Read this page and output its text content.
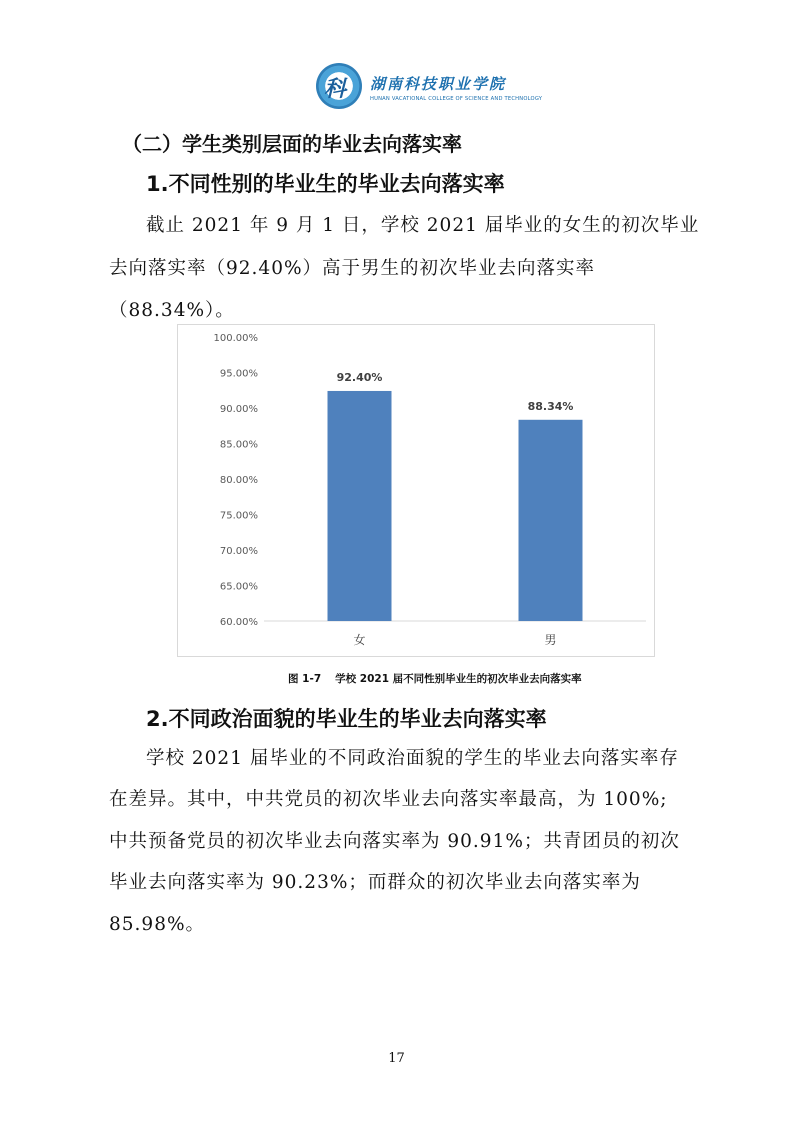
科 湖南科技职业学院
HUNAN VACATIONAL COLLEGE OF SCIENCE AND TECHNOLOGY
（二）学生类别层面的毕业去向落实率
1.不同性别的毕业生的毕业去向落实率
截止 2021 年 9 月 1 日，学校 2021 届毕业的女生的初次毕业
去向落实率（92.40%）高于男生的初次毕业去向落实率
（88.34%）。
60.00%
65.00%
70.00%
75.00%
80.00%
85.00%
90.00%
95.00%
100.00%
92.40%
女
88.34%
男
图 1-7 学校 2021 届不同性别毕业生的初次毕业去向落实率
2.不同政治面貌的毕业生的毕业去向落实率
学校 2021 届毕业的不同政治面貌的学生的毕业去向落实率存
在差异。其中，中共党员的初次毕业去向落实率最高，为 100%;
中共预备党员的初次毕业去向落实率为 90.91%；共青团员的初次
毕业去向落实率为 90.23%；而群众的初次毕业去向落实率为
85.98%。
17
